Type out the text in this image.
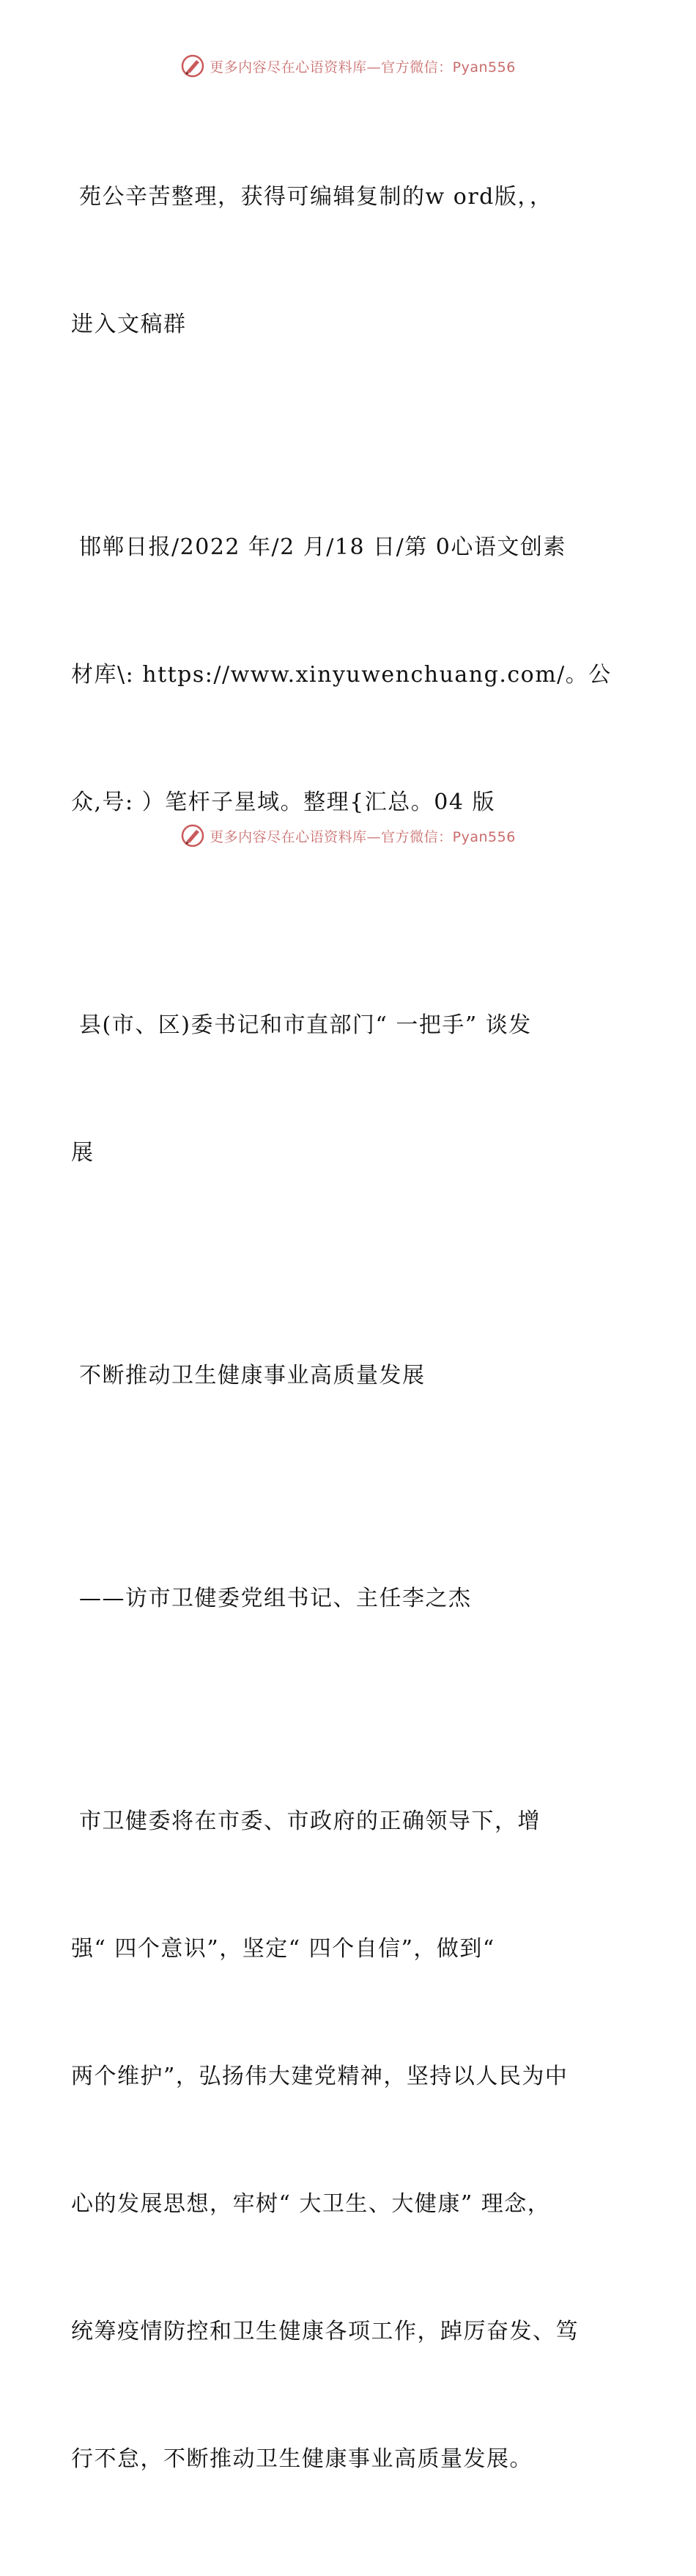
更多内容尽在心语资料库—官方微信：Pyan556

苑公辛苦整理，获得可编辑复制的w ord版，，

进入文稿群

邯郸日报/2022 年/2 月/18 日/第 0心语文创素

材库\: https://www.xinyuwenchuang.com/。公

众,号: ）笔杆子星域。整理{汇总。04 版

县(市、区)委书记和市直部门“ 一把手” 谈发

展

不断推动卫生健康事业高质量发展

——访市卫健委党组书记、主任李之杰

市卫健委将在市委、市政府的正确领导下，增

强“ 四个意识”，坚定“ 四个自信”，做到“

两个维护”，弘扬伟大建党精神，坚持以人民为中

心的发展思想，牢树“ 大卫生、大健康” 理念，

统筹疫情防控和卫生健康各项工作，踔厉奋发、笃

行不怠，不断推动卫生健康事业高质量发展。

更多内容尽在心语资料库—官方微信：Pyan556
